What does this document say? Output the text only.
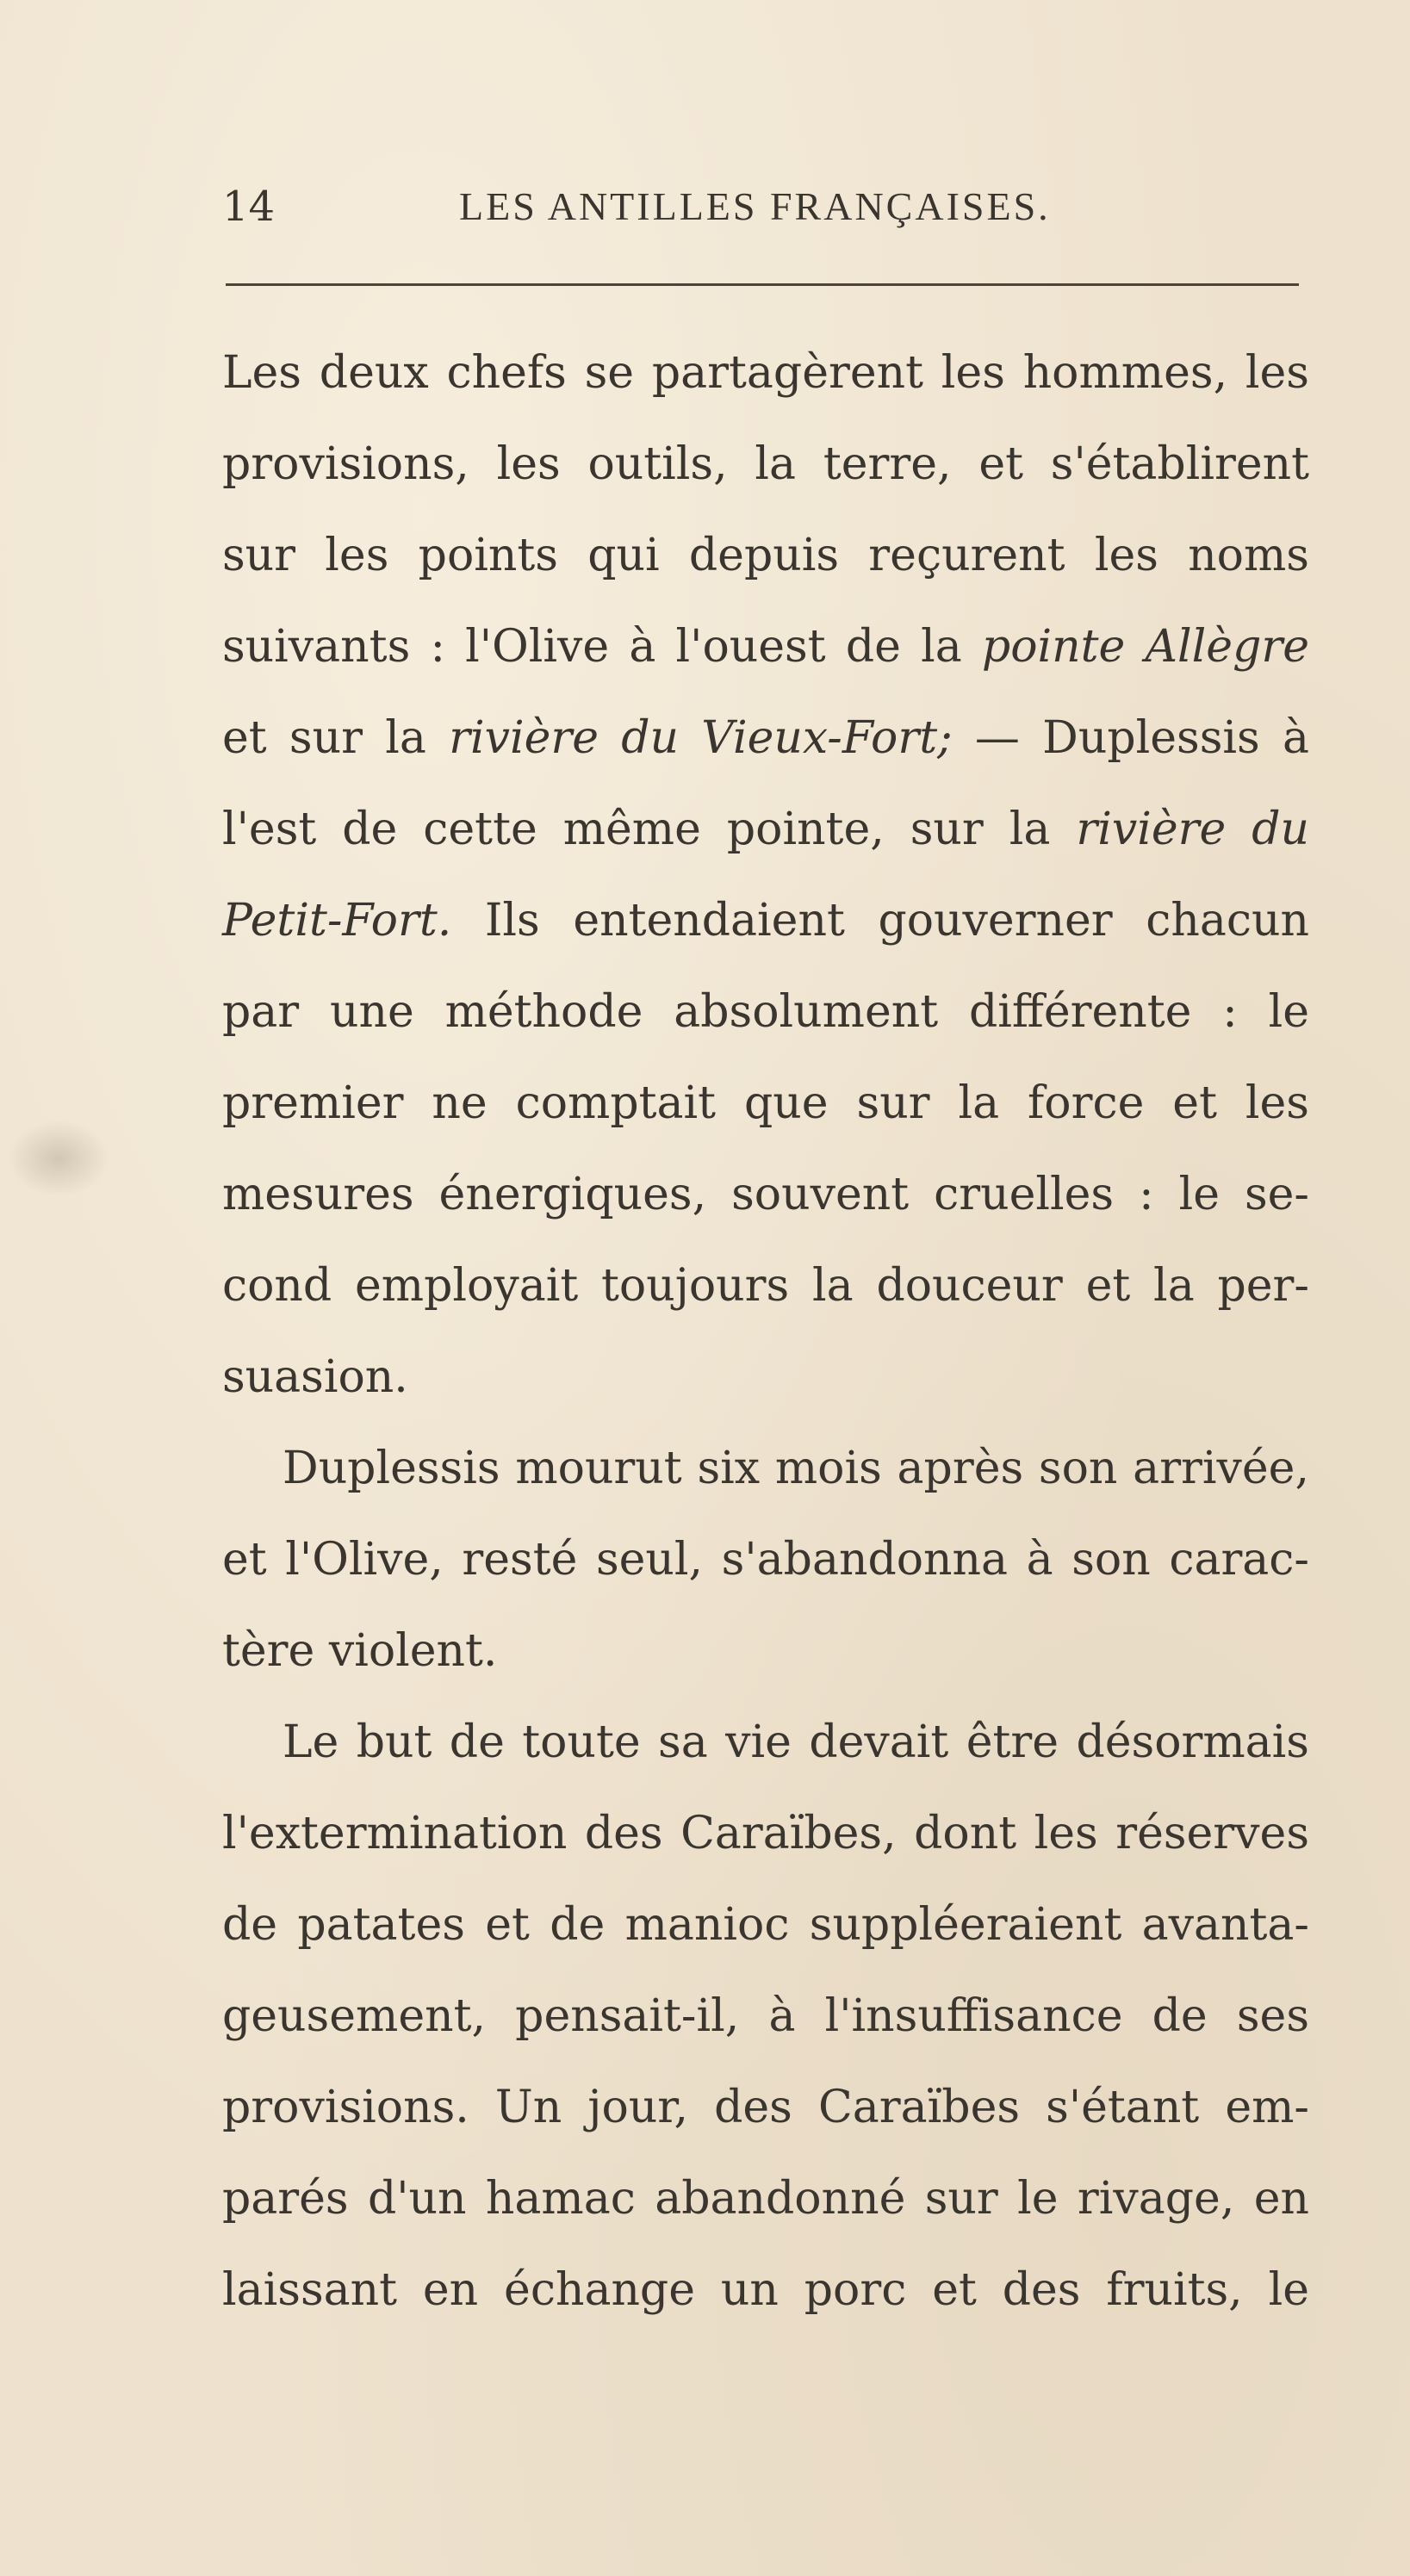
14	LES ANTILLES FRANÇAISES.
Les deux chefs se partagèrent les hommes, les
provisions, les outils, la terre, et s'établirent
sur les points qui depuis reçurent les noms
suivants : l'Olive à l'ouest de la pointe Allègre
et sur la rivière du Vieux-Fort; — Duplessis à
l'est de cette même pointe, sur la rivière du
Petit-Fort. Ils entendaient gouverner chacun
par une méthode absolument différente : le
premier ne comptait que sur la force et les
mesures énergiques, souvent cruelles : le se-
cond employait toujours la douceur et la per-
suasion.
Duplessis mourut six mois après son arrivée,
et l'Olive, resté seul, s'abandonna à son carac-
tère violent.
Le but de toute sa vie devait être désormais
l'extermination des Caraïbes, dont les réserves
de patates et de manioc suppléeraient avanta-
geusement, pensait-il, à l'insuffisance de ses
provisions. Un jour, des Caraïbes s'étant em-
parés d'un hamac abandonné sur le rivage, en
laissant en échange un porc et des fruits, le
